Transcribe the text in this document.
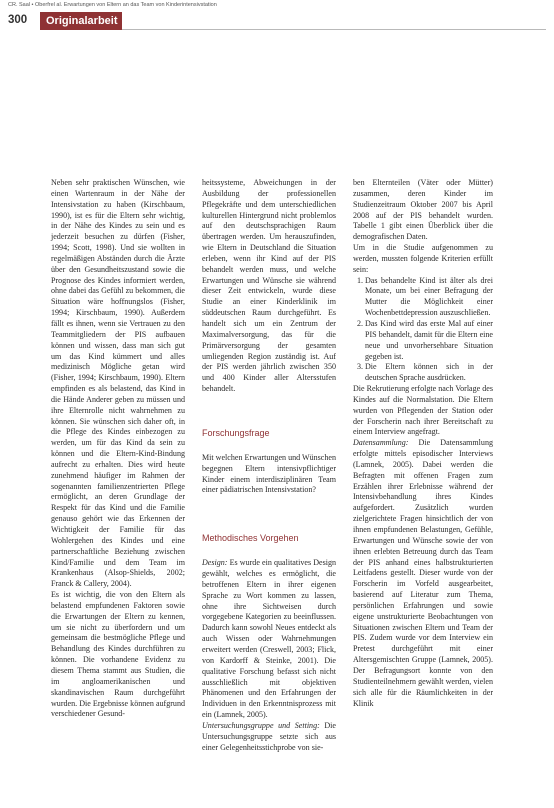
CR. Saal • Oberfrel al. Erwartungen von Eltern an das Team von Kinderintensivstation
300	Originalarbeit

Neben sehr praktischen Wünschen, wie einen Wartenraum in der Nähe der Intensivstation zu haben (Kirschbaum, 1990), ist es für die Eltern sehr wichtig, in der Nähe des Kindes zu sein und es jederzeit besuchen zu dürfen (Fisher, 1994; Scott, 1998). Und sie wollten in regelmäßigen Abständen durch die Ärzte über den Gesundheitszustand sowie die Prognose des Kindes informiert werden, ohne dabei das Gefühl zu bekommen, die Situation wäre hoffnungslos (Fisher, 1994; Kirschbaum, 1990). Außerdem fällt es ihnen, wenn sie Vertrauen zu den Teammitgliedern der PIS aufbauen können und wissen, dass man sich gut um das Kind kümmert und alles medizinisch Mögliche getan wird (Fisher, 1994; Kirschbaum, 1990). Eltern empfinden es als belastend, das Kind in die Hände Anderer geben zu müssen und ihre Elternrolle nicht wahrnehmen zu können. Sie wünschen sich daher oft, in die Pflege des Kindes einbezogen zu werden, um für das Kind da sein zu können und die Eltern-Kind-Bindung aufrecht zu erhalten. Dies wird heute zunehmend häufiger im Rahmen der sogenannten familienzentrierten Pflege ermöglicht, an deren Grundlage der Respekt für das Kind und die Familie genauso gehört wie das Erkennen der Wichtigkeit der Familie für das Wohlergehen des Kindes und eine partnerschaftliche Beziehung zwischen Kind/Familie und dem Team im Krankenhaus (Alsop-Shields, 2002; Franck & Callery, 2004).

Es ist wichtig, die von den Eltern als belastend empfundenen Faktoren sowie die Erwartungen der Eltern zu kennen, um sie nicht zu überfordern und um gemeinsam die bestmögliche Pflege und Behandlung des Kindes durchführen zu können. Die vorhandene Evidenz zu diesem Thema stammt aus Studien, die im angloamerikanischen und skandinavischen Raum durchgeführt wurden. Die Ergebnisse können aufgrund verschiedener Gesund-

heitssysteme, Abweichungen in der Ausbildung der professionellen Pflegekräfte und dem unterschiedlichen kulturellen Hintergrund nicht problemlos auf den deutschsprachigen Raum übertragen werden. Um herauszufinden, wie Eltern in Deutschland die Situation erleben, wenn ihr Kind auf der PIS behandelt werden muss, und welche Erwartungen und Wünsche sie während dieser Zeit entwickeln, wurde diese Studie an einer Kinderklinik im süddeutschen Raum durchgeführt. Es handelt sich um ein Zentrum der Maximalversorgung, das für die Primärversorgung der gesamten umliegenden Region zuständig ist. Auf der PIS werden jährlich zwischen 350 und 400 Kinder aller Altersstufen behandelt.

Forschungsfrage

Mit welchen Erwartungen und Wünschen begegnen Eltern intensivpflichtiger Kinder einem interdisziplinären Team einer pädiatrischen Intensivstation?

Methodisches Vorgehen

Design: Es wurde ein qualitatives Design gewählt, welches es ermöglicht, die betroffenen Eltern in ihrer eigenen Sprache zu Wort kommen zu lassen, ohne ihre Sichtweisen durch vorgegebene Kategorien zu beeinflussen. Dadurch kann sowohl Neues entdeckt als auch Wissen oder Wahrnehmungen erweitert werden (Creswell, 2003; Flick, von Kardorff & Steinke, 2001). Die qualitative Forschung befasst sich nicht ausschließlich mit objektiven Phänomenen und den Erfahrungen der Individuen in den Erkenntnisprozess mit ein (Lamnek, 2005).

Untersuchungsgruppe und Setting: Die Untersuchungsgruppe setzte sich aus einer Gelegenheitsstichprobe von sie-

ben Elternteilen (Väter oder Mütter) zusammen, deren Kinder im Studienzeitraum Oktober 2007 bis April 2008 auf der PIS behandelt wurden. Tabelle 1 gibt einen Überblick über die demografischen Daten.

Um in die Studie aufgenommen zu werden, mussten folgende Kriterien erfüllt sein:

1. Das behandelte Kind ist älter als drei Monate, um bei einer Befragung der Mutter die Möglichkeit einer Wochenbettdepression auszuschließen.
2. Das Kind wird das erste Mal auf einer PIS behandelt, damit für die Eltern eine neue und unvorhersehbare Situation gegeben ist.
3. Die Eltern können sich in der deutschen Sprache ausdrücken.

Die Rekrutierung erfolgte nach Vorlage des Kindes auf die Normalstation. Die Eltern wurden von Pflegenden der Station oder der Forscherin nach ihrer Bereitschaft zu einem Interview angefragt.

Datensammlung: Die Datensammlung erfolgte mittels episodischer Interviews (Lamnek, 2005). Dabei werden die Befragten mit offenen Fragen zum Erzählen ihrer Erlebnisse während der Intensivbehandlung ihres Kindes aufgefordert. Zusätzlich wurden zielgerichtete Fragen hinsichtlich der von ihnen empfundenen Belastungen, Gefühle, Erwartungen und Wünsche sowie der von ihnen erlebten Betreuung durch das Team der PIS anhand eines halbstrukturierten Leitfadens gestellt. Dieser wurde von der Forscherin im Vorfeld ausgearbeitet, basierend auf Literatur zum Thema, persönlichen Erfahrungen und sowie eigene unstrukturierte Beobachtungen von Situationen zwischen Eltern und Team der PIS. Zudem wurde vor dem Interview ein Pretest durchgeführt mit einer Altersgemischten Gruppe (Lamnek, 2005). Der Befragungsort konnte von den Studienteilnehmern gewählt werden, vielen sich alle für die Räumlichkeiten in der Klinik
